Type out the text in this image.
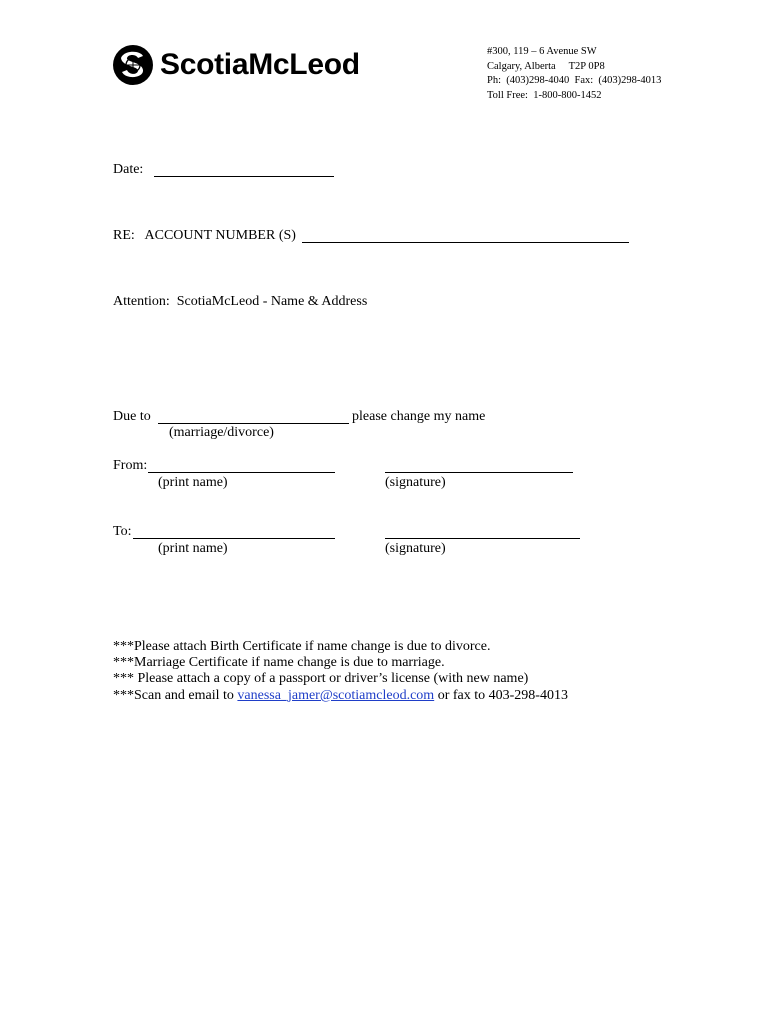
ScotiaMcLeod	#300, 119 – 6 Avenue SW
Calgary, Alberta     T2P 0P8
Ph:  (403)298-4040  Fax:  (403)298-4013
Toll Free:  1-800-800-1452
Date:
RE:   ACCOUNT NUMBER (S)
Attention:  ScotiaMcLeod - Name & Address
Due to	please change my name
(marriage/divorce)
From:
(print name)	(signature)
To:
(print name)	(signature)
***Please attach Birth Certificate if name change is due to divorce.
***Marriage Certificate if name change is due to marriage.
*** Please attach a copy of a passport or driver’s license (with new name)
***Scan and email to vanessa_jamer@scotiamcleod.com or fax to 403-298-4013
